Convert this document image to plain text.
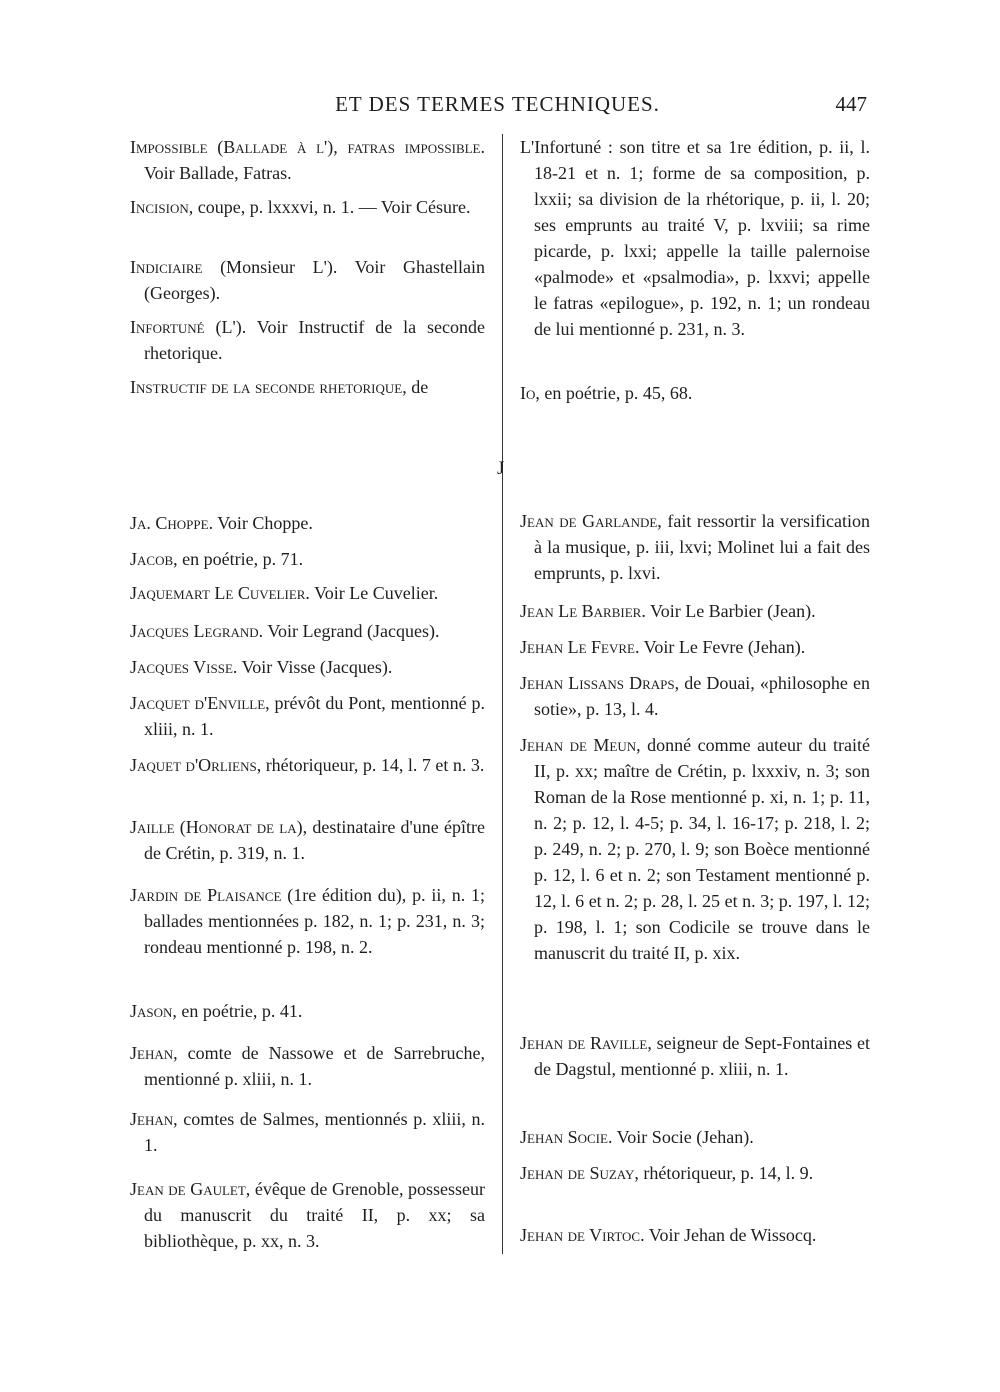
ET DES TERMES TECHNIQUES.	447
J
Impossible (Ballade à l'), fatras impossible. Voir Ballade, Fatras.
Incision, coupe, p. lxxxvi, n. 1. — Voir Césure.
Indiciaire (Monsieur L'). Voir Ghastellain (Georges).
Infortuné (L'). Voir Instructif de la seconde rhetorique.
Instructif de la seconde rhetorique, de
Ja. Choppe. Voir Choppe.
Jacob, en poétrie, p. 71.
Jaquemart Le Cuvelier. Voir Le Cuvelier.
Jacques Legrand. Voir Legrand (Jacques).
Jacques Visse. Voir Visse (Jacques).
Jacquet d'Enville, prévôt du Pont, mentionné p. xliii, n. 1.
Jaquet d'Orliens, rhétoriqueur, p. 14, l. 7 et n. 3.
Jaille (Honorat de la), destinataire d'une épître de Crétin, p. 319, n. 1.
Jardin de Plaisance (1re édition du), p. ii, n. 1; ballades mentionnées p. 182, n. 1; p. 231, n. 3; rondeau mentionné p. 198, n. 2.
Jason, en poétrie, p. 41.
Jehan, comte de Nassowe et de Sarrebruche, mentionné p. xliii, n. 1.
Jehan, comtes de Salmes, mentionnés p. xliii, n. 1.
Jean de Gaulet, évêque de Grenoble, possesseur du manuscrit du traité II, p. xx; sa bibliothèque, p. xx, n. 3.
L'Infortuné : son titre et sa 1re édition, p. ii, l. 18-21 et n. 1; forme de sa composition, p. lxxii; sa division de la rhétorique, p. ii, l. 20; ses emprunts au traité V, p. lxviii; sa rime picarde, p. lxxi; appelle la taille palernoise «palmode» et «psalmodia», p. lxxvi; appelle le fatras «epilogue», p. 192, n. 1; un rondeau de lui mentionné p. 231, n. 3.
Io, en poétrie, p. 45, 68.
Jean de Garlande, fait ressortir la versification à la musique, p. iii, lxvi; Molinet lui a fait des emprunts, p. lxvi.
Jean Le Barbier. Voir Le Barbier (Jean).
Jehan Le Fevre. Voir Le Fevre (Jehan).
Jehan Lissans Draps, de Douai, «philosophe en sotie», p. 13, l. 4.
Jehan de Meun, donné comme auteur du traité II, p. xx; maître de Crétin, p. lxxxiv, n. 3; son Roman de la Rose mentionné p. xi, n. 1; p. 11, n. 2; p. 12, l. 4-5; p. 34, l. 16-17; p. 218, l. 2; p. 249, n. 2; p. 270, l. 9; son Boèce mentionné p. 12, l. 6 et n. 2; son Testament mentionné p. 12, l. 6 et n. 2; p. 28, l. 25 et n. 3; p. 197, l. 12; p. 198, l. 1; son Codicile se trouve dans le manuscrit du traité II, p. xix.
Jehan de Raville, seigneur de Sept-Fontaines et de Dagstul, mentionné p. xliii, n. 1.
Jehan Socie. Voir Socie (Jehan).
Jehan de Suzay, rhétoriqueur, p. 14, l. 9.
Jehan de Virtoc. Voir Jehan de Wissocq.
